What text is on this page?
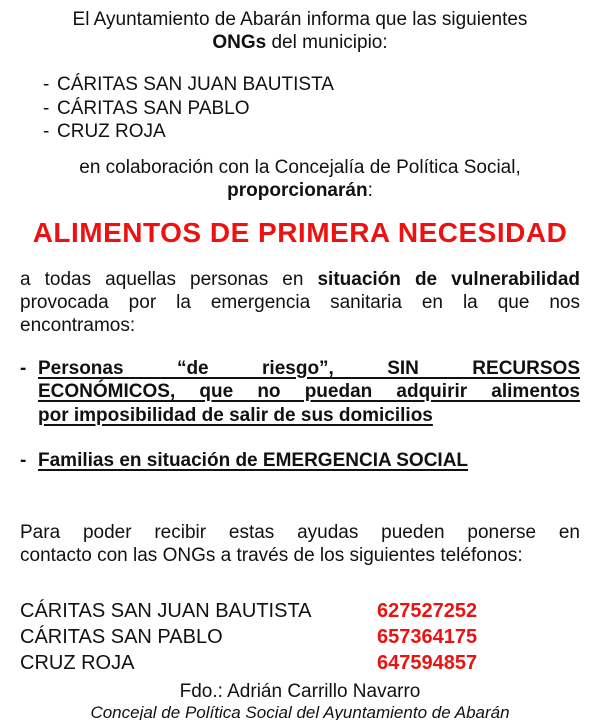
El Ayuntamiento de Abarán informa que las siguientes
ONGs del municipio:
- CÁRITAS SAN JUAN BAUTISTA
- CÁRITAS SAN PABLO
- CRUZ ROJA
en colaboración con la Concejalía de Política Social,
proporcionarán:
ALIMENTOS DE PRIMERA NECESIDAD
a todas aquellas personas en situación de vulnerabilidad
provocada por la emergencia sanitaria en la que nos
encontramos:
- Personas “de riesgo”, SIN RECURSOS
ECONÓMICOS, que no puedan adquirir alimentos
por imposibilidad de salir de sus domicilios
- Familias en situación de EMERGENCIA SOCIAL
Para poder recibir estas ayudas pueden ponerse en
contacto con las ONGs a través de los siguientes teléfonos:
CÁRITAS SAN JUAN BAUTISTA	627527252
CÁRITAS SAN PABLO	657364175
CRUZ ROJA	647594857
Fdo.: Adrián Carrillo Navarro
Concejal de Política Social del Ayuntamiento de Abarán
